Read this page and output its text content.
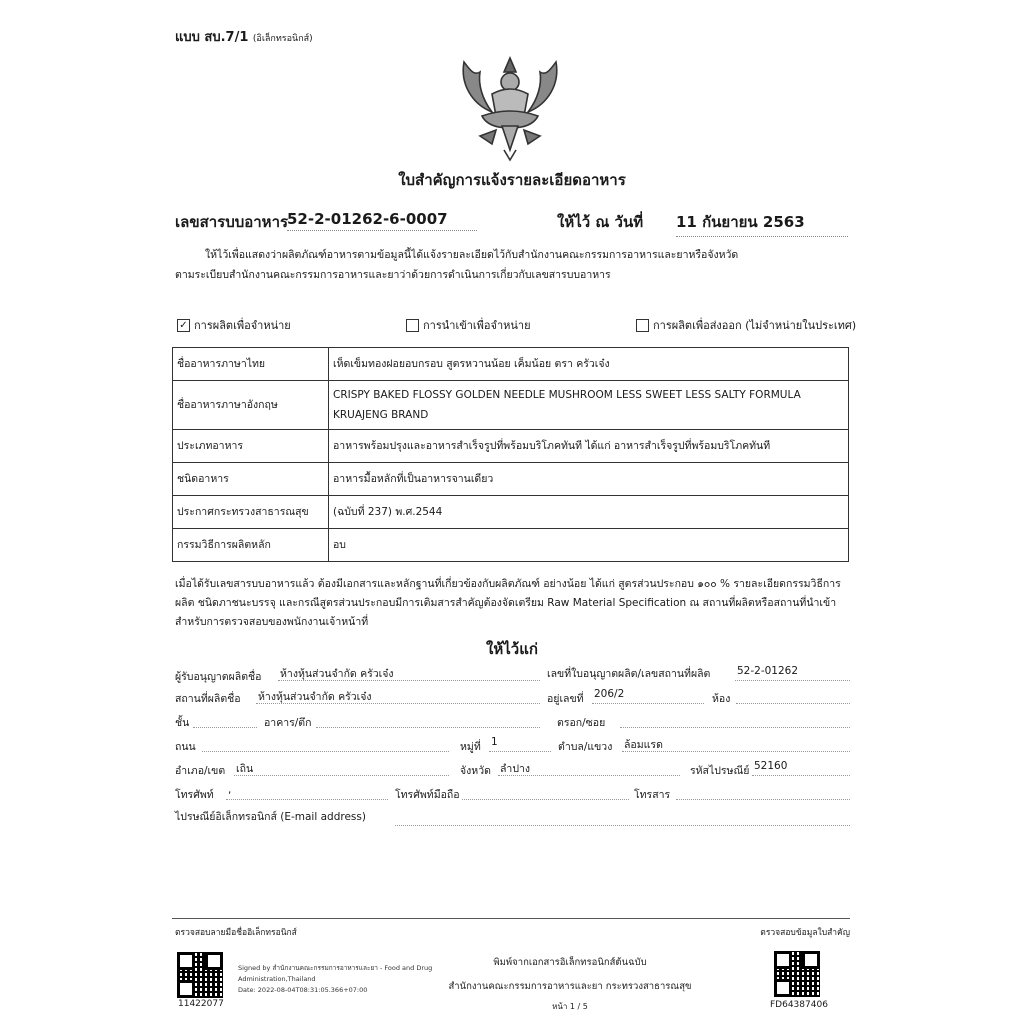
แบบ สบ.7/1 (อิเล็กทรอนิกส์)
ใบสำคัญการแจ้งรายละเอียดอาหาร
เลขสารบบอาหาร
52-2-01262-6-0007	ให้ไว้ ณ วันที่ 11 กันยายน 2563
ให้ไว้เพื่อแสดงว่าผลิตภัณฑ์อาหารตามข้อมูลนี้ได้แจ้งรายละเอียดไว้กับสำนักงานคณะกรรมการอาหารและยาหรือจังหวัด
ตามระเบียบสำนักงานคณะกรรมการอาหารและยาว่าด้วยการดำเนินการเกี่ยวกับเลขสารบบอาหาร
✓ การผลิตเพื่อจำหน่าย	การนำเข้าเพื่อจำหน่าย	การผลิตเพื่อส่งออก (ไม่จำหน่ายในประเทศ)
ชื่ออาหารภาษาไทย	เห็ดเข็มทองฝอยอบกรอบ สูตรหวานน้อย เค็มน้อย ตรา ครัวเจ๋ง
ชื่ออาหารภาษาอังกฤษ	CRISPY BAKED FLOSSY GOLDEN NEEDLE MUSHROOM LESS SWEET LESS SALTY FORMULA KRUAJENG BRAND
ประเภทอาหาร	อาหารพร้อมปรุงและอาหารสำเร็จรูปที่พร้อมบริโภคทันที ได้แก่ อาหารสำเร็จรูปที่พร้อมบริโภคทันที
ชนิดอาหาร	อาหารมื้อหลักที่เป็นอาหารจานเดียว
ประกาศกระทรวงสาธารณสุข	(ฉบับที่ 237) พ.ศ.2544
กรรมวิธีการผลิตหลัก	อบ
เมื่อได้รับเลขสารบบอาหารแล้ว ต้องมีเอกสารและหลักฐานที่เกี่ยวข้องกับผลิตภัณฑ์ อย่างน้อย ได้แก่ สูตรส่วนประกอบ ๑๐๐ % รายละเอียดกรรมวิธีการผลิต ชนิดภาชนะบรรจุ และกรณีสูตรส่วนประกอบมีการเติมสารสำคัญต้องจัดเตรียม Raw Material Specification ณ สถานที่ผลิตหรือสถานที่นำเข้าสำหรับการตรวจสอบของพนักงานเจ้าหน้าที่
ให้ไว้แก่
ผู้รับอนุญาตผลิตชื่อ ห้างหุ้นส่วนจำกัด ครัวเจ๋ง	เลขที่ใบอนุญาตผลิต/เลขสถานที่ผลิต	52-2-01262
สถานที่ผลิตชื่อ ห้างหุ้นส่วนจำกัด ครัวเจ๋ง	อยู่เลขที่ 206/2	ห้อง
ชั้น	อาคาร/ตึก	ตรอก/ซอย
ถนน	หมู่ที่ 1	ตำบล/แขวง ล้อมแรด
อำเภอ/เขต เถิน	จังหวัด ลำปาง	รหัสไปรษณีย์ 52160
โทรศัพท์ ,	โทรศัพท์มือถือ	โทรสาร
ไปรษณีย์อิเล็กทรอนิกส์ (E-mail address)
ตรวจสอบลายมือชื่ออิเล็กทรอนิกส์
11422077
Signed by สำนักงานคณะกรรมการอาหารและยา - Food and Drug
Administration,Thailand
Date: 2022-08-04T08:31:05.366+07:00
พิมพ์จากเอกสารอิเล็กทรอนิกส์ต้นฉบับ
สำนักงานคณะกรรมการอาหารและยา กระทรวงสาธารณสุข
หน้า 1 / 5
ตรวจสอบข้อมูลใบสำคัญ
FD64387406
